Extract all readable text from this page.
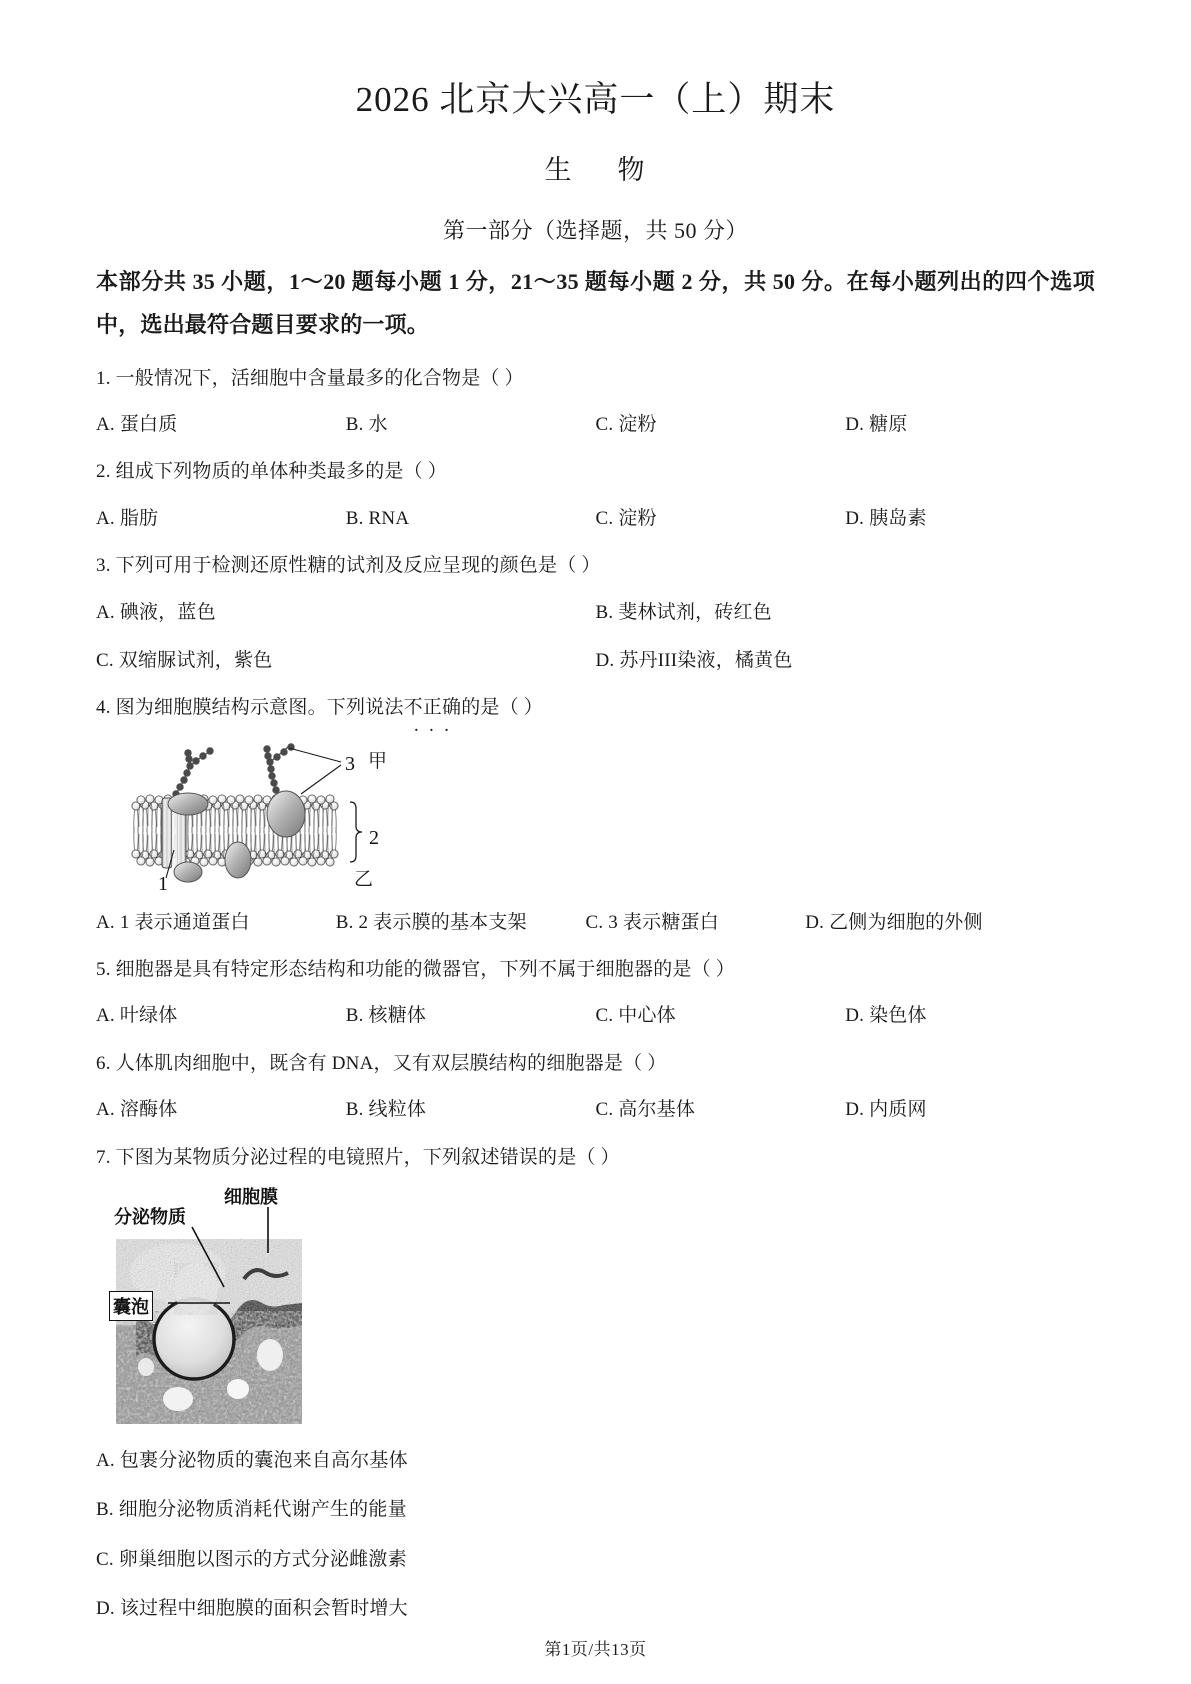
2026 北京大兴高一（上）期末
生 物
第一部分（选择题，共 50 分）

本部分共 35 小题，1～20 题每小题 1 分，21～35 题每小题 2 分，共 50 分。在每小题列出的四个选项中，选出最符合题目要求的一项。

1. 一般情况下，活细胞中含量最多的化合物是（ ）

A. 蛋白质	B. 水	C. 淀粉	D. 糖原

2. 组成下列物质的单体种类最多的是（ ）

A. 脂肪	B. RNA	C. 淀粉	D. 胰岛素

3. 下列可用于检测还原性糖的试剂及反应呈现的颜色是（ ）

A. 碘液，蓝色	B. 斐林试剂，砖红色
C. 双缩脲试剂，紫色	D. 苏丹III染液，橘黄色

4. 图为细胞膜结构示意图。下列说法不正确 · · ·的是（ ）

3
1
2
甲
乙
A. 1 表示通道蛋白	B. 2 表示膜的基本支架	C. 3 表示糖蛋白	D. 乙侧为细胞的外侧

5. 细胞器是具有特定形态结构和功能的微器官，下列不属于细胞器的是（ ）

A. 叶绿体	B. 核糖体	C. 中心体	D. 染色体

6. 人体肌肉细胞中，既含有 DNA，又有双层膜结构的细胞器是（ ）

A. 溶酶体	B. 线粒体	C. 高尔基体	D. 内质网

7. 下图为某物质分泌过程的电镜照片，下列叙述错误的是（ ）

分泌物质
细胞膜
囊泡
A. 包裹分泌物质的囊泡来自高尔基体
B. 细胞分泌物质消耗代谢产生的能量
C. 卵巢细胞以图示的方式分泌雌激素
D. 该过程中细胞膜的面积会暂时增大
第1页/共13页
